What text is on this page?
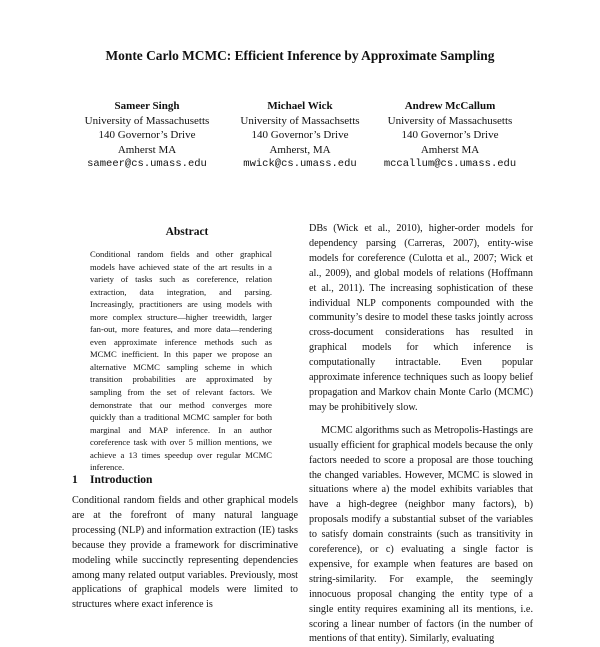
Monte Carlo MCMC: Efficient Inference by Approximate Sampling
Sameer Singh
University of Massachusetts
140 Governor’s Drive
Amherst MA
sameer@cs.umass.edu
Michael Wick
University of Massachsetts
140 Governor’s Drive
Amherst, MA
mwick@cs.umass.edu
Andrew McCallum
University of Massachusetts
140 Governor’s Drive
Amherst MA
mccallum@cs.umass.edu
Abstract

Conditional random fields and other graphical models have achieved state of the art results in a variety of tasks such as coreference, relation extraction, data integration, and parsing. Increasingly, practitioners are using models with more complex structure—higher treewidth, larger fan-out, more features, and more data—rendering even approximate inference methods such as MCMC inefficient. In this paper we propose an alternative MCMC sampling scheme in which transition probabilities are approximated by sampling from the set of relevant factors. We demonstrate that our method converges more quickly than a traditional MCMC sampler for both marginal and MAP inference. In an author coreference task with over 5 million mentions, we achieve a 13 times speedup over regular MCMC inference.

1 Introduction

Conditional random fields and other graphical models are at the forefront of many natural language processing (NLP) and information extraction (IE) tasks because they provide a framework for discriminative modeling while succinctly representing dependencies among many related output variables. Previously, most applications of graphical models were limited to structures where exact inference is

DBs (Wick et al., 2010), higher-order models for dependency parsing (Carreras, 2007), entity-wise models for coreference (Culotta et al., 2007; Wick et al., 2009), and global models of relations (Hoffmann et al., 2011). The increasing sophistication of these individual NLP components compounded with the community’s desire to model these tasks jointly across cross-document considerations has resulted in graphical models for which inference is computationally intractable. Even popular approximate inference techniques such as loopy belief propagation and Markov chain Monte Carlo (MCMC) may be prohibitively slow.

MCMC algorithms such as Metropolis-Hastings are usually efficient for graphical models because the only factors needed to score a proposal are those touching the changed variables. However, MCMC is slowed in situations where a) the model exhibits variables that have a high-degree (neighbor many factors), b) proposals modify a substantial subset of the variables to satisfy domain constraints (such as transitivity in coreference), or c) evaluating a single factor is expensive, for example when features are based on string-similarity. For example, the seemingly innocuous proposal changing the entity type of a single entity requires examining all its mentions, i.e. scoring a linear number of factors (in the number of mentions of that entity). Similarly, evaluating
